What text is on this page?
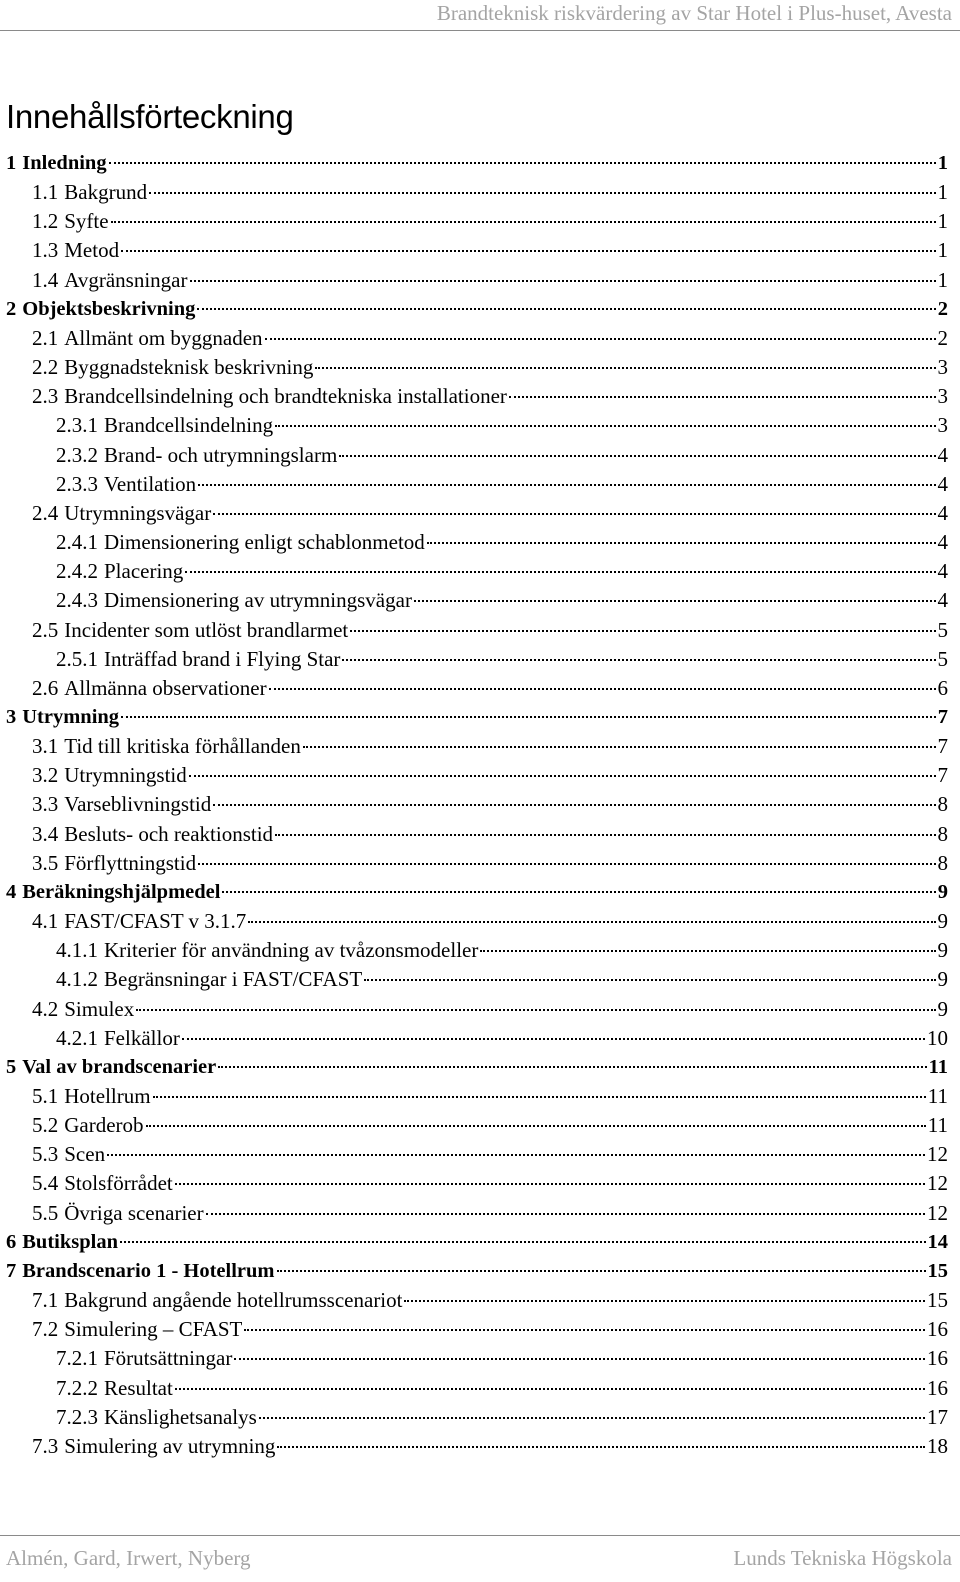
Brandteknisk riskvärdering av Star Hotel i Plus-huset, Avesta
Innehållsförteckning
1 Inledning	1
1.1 Bakgrund	1
1.2 Syfte	1
1.3 Metod	1
1.4 Avgränsningar	1
2 Objektsbeskrivning	2
2.1 Allmänt om byggnaden	2
2.2 Byggnadsteknisk beskrivning	3
2.3 Brandcellsindelning och brandtekniska installationer	3
2.3.1 Brandcellsindelning	3
2.3.2 Brand- och utrymningslarm	4
2.3.3 Ventilation	4
2.4 Utrymningsvägar	4
2.4.1 Dimensionering enligt schablonmetod	4
2.4.2 Placering	4
2.4.3 Dimensionering av utrymningsvägar	4
2.5 Incidenter som utlöst brandlarmet	5
2.5.1 Inträffad brand i Flying Star	5
2.6 Allmänna observationer	6
3 Utrymning	7
3.1 Tid till kritiska förhållanden	7
3.2 Utrymningstid	7
3.3 Varseblivningstid	8
3.4 Besluts- och reaktionstid	8
3.5 Förflyttningstid	8
4 Beräkningshjälpmedel	9
4.1 FAST/CFAST v 3.1.7	9
4.1.1 Kriterier för användning av tvåzonsmodeller	9
4.1.2 Begränsningar i FAST/CFAST	9
4.2 Simulex	9
4.2.1 Felkällor	10
5 Val av brandscenarier	11
5.1 Hotellrum	11
5.2 Garderob	11
5.3 Scen	12
5.4 Stolsförrådet	12
5.5 Övriga scenarier	12
6 Butiksplan	14
7 Brandscenario 1 - Hotellrum	15
7.1 Bakgrund angående hotellrumsscenariot	15
7.2 Simulering – CFAST	16
7.2.1 Förutsättningar	16
7.2.2 Resultat	16
7.2.3 Känslighetsanalys	17
7.3 Simulering av utrymning	18
Almén, Gard, Irwert, Nyberg	Lunds Tekniska Högskola
